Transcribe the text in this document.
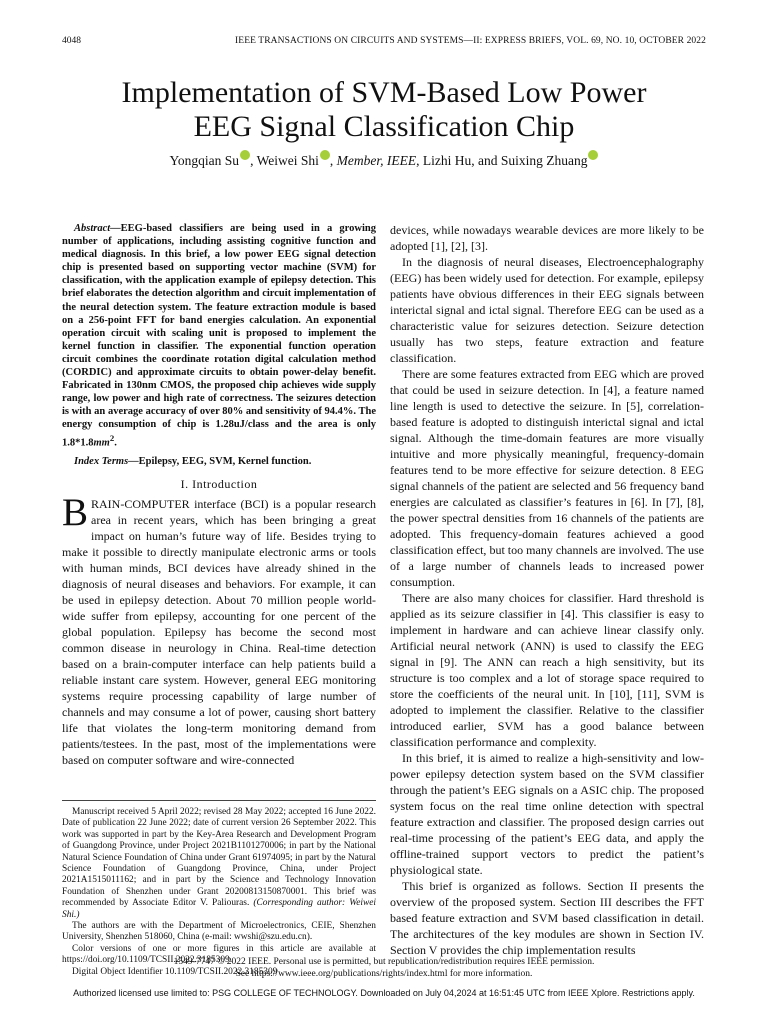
4048	IEEE TRANSACTIONS ON CIRCUITS AND SYSTEMS—II: EXPRESS BRIEFS, VOL. 69, NO. 10, OCTOBER 2022
Implementation of SVM-Based Low Power
EEG Signal Classification Chip
Yongqian Su , Weiwei Shi , Member, IEEE, Lizhi Hu, and Suixing Zhuang

Abstract—EEG-based classifiers are being used in a growing number of applications, including assisting cognitive function and medical diagnosis. In this brief, a low power EEG signal detection chip is presented based on supporting vector machine (SVM) for classification, with the application example of epilepsy detection. This brief elaborates the detection algorithm and circuit implementation of the neural detection system. The feature extraction module is based on a 256-point FFT for band energies calculation. An exponential operation circuit with scaling unit is proposed to implement the kernel function in classifier. The exponential function operation circuit combines the coordinate rotation digital calculation method (CORDIC) and approximate circuits to obtain power-delay benefit. Fabricated in 130nm CMOS, the proposed chip achieves wide supply range, low power and high rate of correctness. The seizures detection is with an average accuracy of over 80% and sensitivity of 94.4%. The energy consumption of chip is 1.28uJ/class and the area is only $1.8*1.8mm^2$.

Index Terms—Epilepsy, EEG, SVM, Kernel function.

I. Introduction

BRAIN-COMPUTER interface (BCI) is a popular research area in recent years, which has been bringing a great impact on human’s future way of life. Besides trying to make it possible to directly manipulate electronic arms or tools with human minds, BCI devices have already shined in the diagnosis of neural diseases and behaviors. For example, it can be used in epilepsy detection. About 70 million people world-wide suffer from epilepsy, accounting for one percent of the global population. Epilepsy has become the second most common disease in neurology in China. Real-time detection based on a brain-computer interface can help patients build a reliable instant care system. However, general EEG monitoring systems require processing capability of large number of channels and may consume a lot of power, causing short battery life that violates the long-term monitoring demand from patients/testees. In the past, most of the implementations were based on computer software and wire-connected

Manuscript received 5 April 2022; revised 28 May 2022; accepted 16 June 2022. Date of publication 22 June 2022; date of current version 26 September 2022. This work was supported in part by the Key-Area Research and Development Program of Guangdong Province, under Project 2021B1101270006; in part by the National Natural Science Foundation of China under Grant 61974095; in part by the Natural Science Foundation of Guangdong Province, China, under Project 2021A1515011162; and in part by the Science and Technology Innovation Foundation of Shenzhen under Grant 20200813150870001. This brief was recommended by Associate Editor V. Paliouras. (Corresponding author: Weiwei Shi.)

The authors are with the Department of Microelectronics, CEIE, Shenzhen University, Shenzhen 518060, China (e-mail: wwshi@szu.edu.cn).

Color versions of one or more figures in this article are available at https://doi.org/10.1109/TCSII.2022.3185309.

Digital Object Identifier 10.1109/TCSII.2022.3185309

devices, while nowadays wearable devices are more likely to be adopted [1], [2], [3].

In the diagnosis of neural diseases, Electroencephalography (EEG) has been widely used for detection. For example, epilepsy patients have obvious differences in their EEG signals between interictal signal and ictal signal. Therefore EEG can be used as a characteristic value for seizures detection. Seizure detection usually has two steps, feature extraction and feature classification.

There are some features extracted from EEG which are proved that could be used in seizure detection. In [4], a feature named line length is used to detective the seizure. In [5], correlation-based feature is adopted to distinguish interictal signal and ictal signal. Although the time-domain features are more visually intuitive and more physically meaningful, frequency-domain features tend to be more effective for seizure detection. 8 EEG signal channels of the patient are selected and 56 frequency band energies are calculated as classifier’s features in [6]. In [7], [8], the power spectral densities from 16 channels of the patients are adopted. This frequency-domain features achieved a good classification effect, but too many channels are involved. The use of a large number of channels leads to increased power consumption.

There are also many choices for classifier. Hard threshold is applied as its seizure classifier in [4]. This classifier is easy to implement in hardware and can achieve linear classify only. Artificial neural network (ANN) is used to classify the EEG signal in [9]. The ANN can reach a high sensitivity, but its structure is too complex and a lot of storage space required to store the coefficients of the neural unit. In [10], [11], SVM is adopted to implement the classifier. Relative to the classifier introduced earlier, SVM has a good balance between classification performance and complexity.

In this brief, it is aimed to realize a high-sensitivity and low-power epilepsy detection system based on the SVM classifier through the patient’s EEG signals on a ASIC chip. The proposed system focus on the real time online detection with spectral feature extraction and classifier. The proposed design carries out real-time processing of the patient’s EEG data, and apply the offline-trained support vectors to predict the patient’s physiological state.

This brief is organized as follows. Section II presents the overview of the proposed system. Section III describes the FFT based feature extraction and SVM based classification in detail. The architectures of the key modules are shown in Section IV. Section V provides the chip implementation results

1549-7747 © 2022 IEEE. Personal use is permitted, but republication/redistribution requires IEEE permission.
See https://www.ieee.org/publications/rights/index.html for more information.
Authorized licensed use limited to: PSG COLLEGE OF TECHNOLOGY. Downloaded on July 04,2024 at 16:51:45 UTC from IEEE Xplore. Restrictions apply.
